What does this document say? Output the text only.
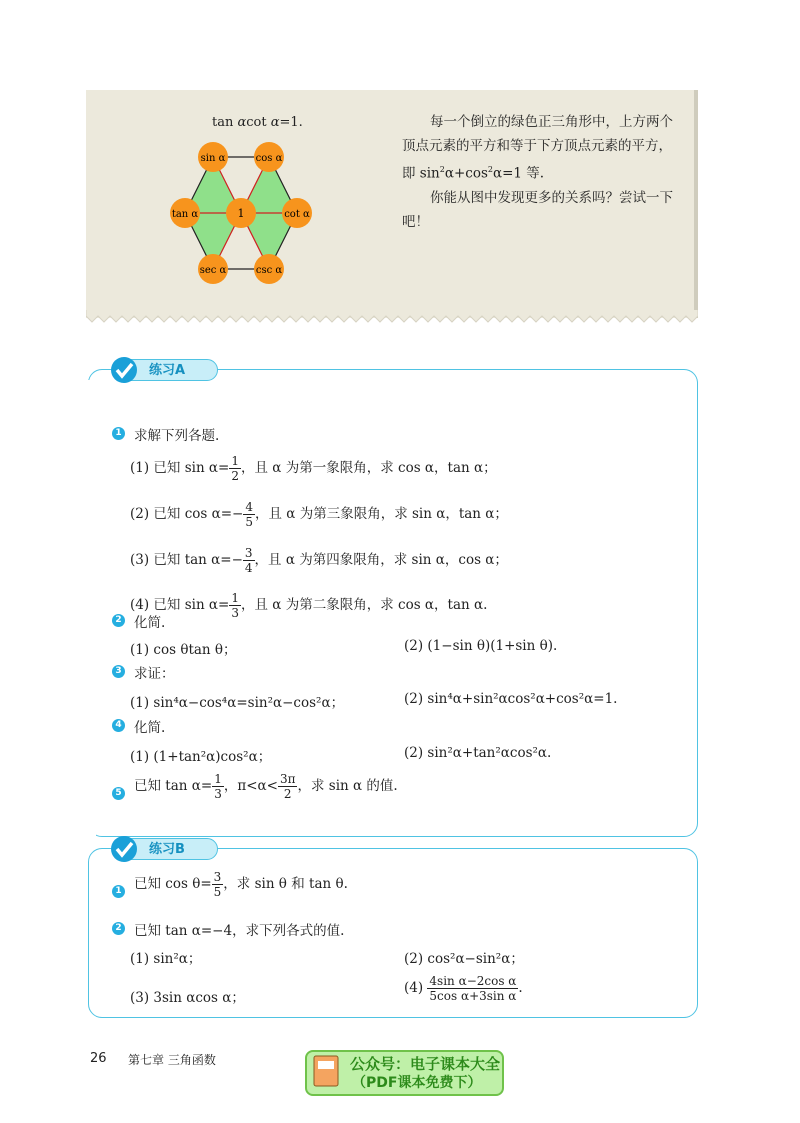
tan αcot α=1.
sin α	cos α
tan α	cot α
sec α	csc α
1

每一个倒立的绿色正三角形中，上方两个顶点元素的平方和等于下方顶点元素的平方，即 $\sin^2\alpha+\cos^2\alpha=1$ 等.

你能从图中发现更多的关系吗？尝试一下吧！

练习A
1 求解下列各题.
(1) 已知 $\sin \alpha= \frac{1}{2}$ ，且 α 为第一象限角，求 cos α，tan α；
(2) 已知 $\cos \alpha=- \frac{4}{5}$ ，且 α 为第三象限角，求 sin α，tan α；
(3) 已知 $\tan \alpha=- \frac{3}{4}$ ，且 α 为第四象限角，求 sin α，cos α；
(4) 已知 $\sin \alpha= \frac{1}{3}$ ，且 α 为第二象限角，求 cos α，tan α.
2 化简.
(1) cos θtan θ；	(2) (1−sin θ)(1+sin θ).
3 求证：
(1) sin⁴α−cos⁴α=sin²α−cos²α；	(2) sin⁴α+sin²αcos²α+cos²α=1.
4 化简.
(1) (1+tan²α)cos²α；	(2) sin²α+tan²αcos²α.
5 已知 $\tan \alpha= \frac{1}{3}$ ，$\pi<\alpha< \frac{3\pi}{2}$ ，求 sin α 的值.
练习B
1 已知 $\cos \theta= \frac{3}{5}$ ，求 sin θ 和 tan θ.
2 已知 tan α=−4，求下列各式的值.
(1) sin²α；	(2) cos²α−sin²α；
(3) 3sin αcos α；
$(4) \frac{\text{4sin α−2cos α}}{\text{5cos α+3sin α}}$ .
26 第七章 三角函数	公众号：电子课本大全
（PDF课本免费下）
